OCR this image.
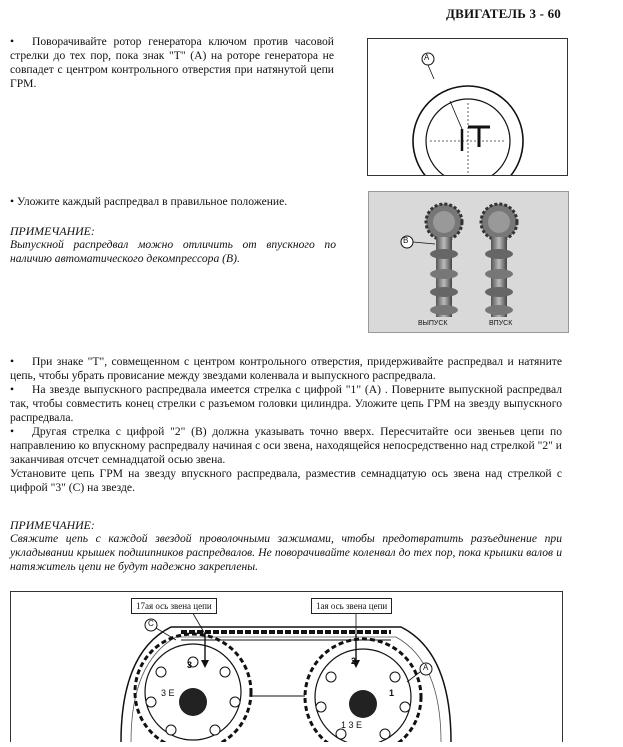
ДВИГАТЕЛЬ 3 - 60
• Поворачивайте ротор генератора ключом против часовой стрелки до тех пор, пока знак "T" (A) на роторе генератора не совпадет с центром контрольного отверстия при натянутой цепи ГРМ.
A
• Уложите каждый распредвал в правильное положение.
ПРИМЕЧАНИЕ:
Выпускной распредвал можно отличить от впускного по наличию автоматического декомпрессора (B).
B
ВЫПУСК	ВПУСК
• При знаке "T", совмещенном с центром контрольного отверстия, придерживайте распредвал и натяните цепь, чтобы убрать провисание между звездами коленвала и выпускного распредвала.
• На звезде выпускного распредвала имеется стрелка с цифрой "1" (A) . Поверните выпускной распредвал так, чтобы совместить конец стрелки с разъемом головки цилиндра. Уложите цепь ГРМ на звезду выпускного распредвала.
• Другая стрелка с цифрой "2" (B) должна указывать точно вверх. Пересчитайте оси звеньев цепи по направлению ко впускному распредвалу начиная с оси звена, находящейся непосредственно над стрелкой "2" и заканчивая отсчет семнадцатой осью звена.
Установите цепь ГРМ на звезду впускного распредвала, разместив семнадцатую ось звена над стрелкой с цифрой "3" (C) на звезде.
ПРИМЕЧАНИЕ:
Свяжите цепь с каждой звездой проволочными зажимами, чтобы предотвратить разъединение при укладывании крышек подшипников распредвалов. Не поворачивайте коленвал до тех пор, пока крышки валов и натяжитель цепи не будут надежно закреплены.
17ая ось звена цепи	1ая ось звена цепи
C
A
3	2
1
3 E
1 3 E
